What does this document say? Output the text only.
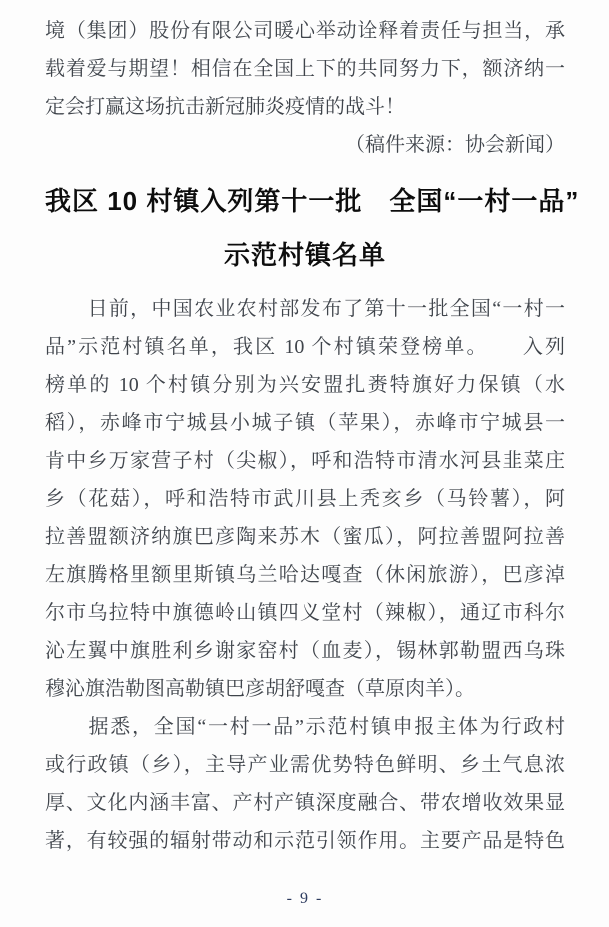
境（集团）股份有限公司暖心举动诠释着责任与担当，承
载着爱与期望！相信在全国上下的共同努力下，额济纳一
定会打赢这场抗击新冠肺炎疫情的战斗！
（稿件来源：协会新闻）
我区 10 村镇入列第十一批　全国“一村一品”
示范村镇名单
　　日前，中国农业农村部发布了第十一批全国“一村一
品”示范村镇名单，我区 10 个村镇荣登榜单。　　入列
榜单的 10 个村镇分别为兴安盟扎赉特旗好力保镇（水
稻），赤峰市宁城县小城子镇（苹果），赤峰市宁城县一
肯中乡万家营子村（尖椒），呼和浩特市清水河县韭菜庄
乡（花菇），呼和浩特市武川县上秃亥乡（马铃薯），阿
拉善盟额济纳旗巴彦陶来苏木（蜜瓜），阿拉善盟阿拉善
左旗腾格里额里斯镇乌兰哈达嘎查（休闲旅游），巴彦淖
尔市乌拉特中旗德岭山镇四义堂村（辣椒），通辽市科尔
沁左翼中旗胜利乡谢家窑村（血麦），锡林郭勒盟西乌珠
穆沁旗浩勒图高勒镇巴彦胡舒嘎查（草原肉羊）。
　　据悉，全国“一村一品”示范村镇申报主体为行政村
或行政镇（乡），主导产业需优势特色鲜明、乡土气息浓
厚、文化内涵丰富、产村产镇深度融合、带农增收效果显
著，有较强的辐射带动和示范引领作用。主要产品是特色
- 9 -
